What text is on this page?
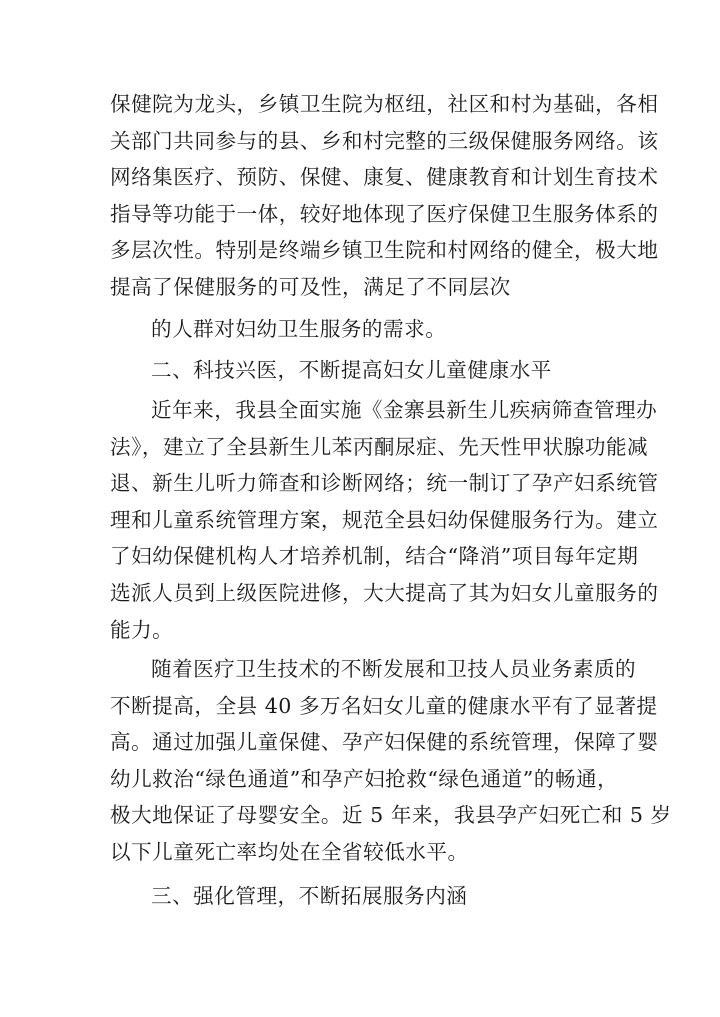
保健院为龙头，乡镇卫生院为枢纽，社区和村为基础，各相
关部门共同参与的县、乡和村完整的三级保健服务网络。该
网络集医疗、预防、保健、康复、健康教育和计划生育技术
指导等功能于一体，较好地体现了医疗保健卫生服务体系的
多层次性。特别是终端乡镇卫生院和村网络的健全，极大地
提高了保健服务的可及性，满足了不同层次

的人群对妇幼卫生服务的需求。

二、科技兴医，不断提高妇女儿童健康水平

近年来，我县全面实施《金寨县新生儿疾病筛查管理办
法》，建立了全县新生儿苯丙酮尿症、先天性甲状腺功能减
退、新生儿听力筛查和诊断网络；统一制订了孕产妇系统管
理和儿童系统管理方案，规范全县妇幼保健服务行为。建立
了妇幼保健机构人才培养机制，结合“降消”项目每年定期
选派人员到上级医院进修，大大提高了其为妇女儿童服务的
能力。
随着医疗卫生技术的不断发展和卫技人员业务素质的
不断提高，全县 40 多万名妇女儿童的健康水平有了显著提
高。通过加强儿童保健、孕产妇保健的系统管理，保障了婴
幼儿救治“绿色通道”和孕产妇抢救“绿色通道”的畅通，
极大地保证了母婴安全。近 5 年来，我县孕产妇死亡和 5 岁
以下儿童死亡率均处在全省较低水平。

三、强化管理，不断拓展服务内涵
